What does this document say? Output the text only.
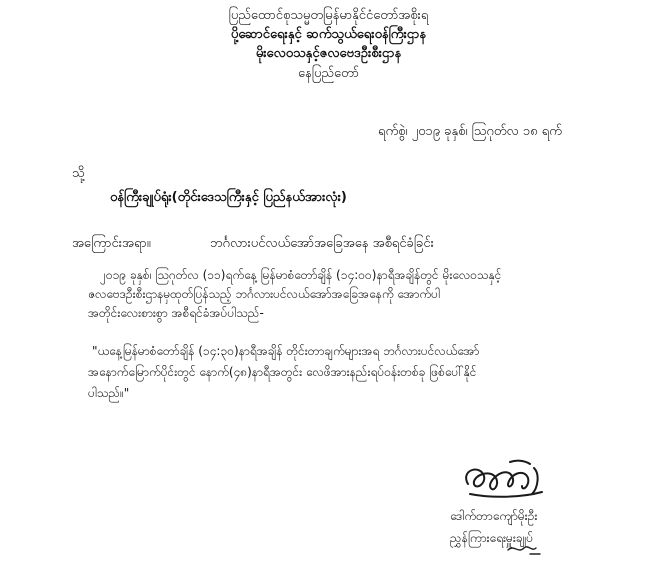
ပြည်ထောင်စုသမ္မတမြန်မာနိုင်ငံတော်အစိုးရ
ပို့ဆောင်ရေးနှင့် ဆက်သွယ်ရေးဝန်ကြီးဌာန
မိုးလေဝသနှင့်ဇလဗေဒဦးစီးဌာန
နေပြည်တော်
ရက်စွဲ၊ ၂၀၁၉ ခုနှစ်၊ ဩဂုတ်လ ၁၈ ရက်
သို့
ဝန်ကြီးချုပ်ရုံး(တိုင်းဒေသကြီးနှင့် ပြည်နယ်အားလုံး)
အကြောင်းအရာ။	ဘင်္ဂလားပင်လယ်အော်အခြေအနေ အစီရင်ခံခြင်း
၂၀၁၉ ခုနှစ်၊ ဩဂုတ်လ (၁၁)ရက်နေ့ မြန်မာစံတော်ချိန် (၁၄:၀၀)နာရီအချိန်တွင် မိုးလေဝသနှင့်
ဇလဗေဒဦးစီးဌာနမှထုတ်ပြန်သည့် ဘင်္ဂလားပင်လယ်အော်အခြေအနေကို အောက်ပါ
အတိုင်းလေးစားစွာ အစီရင်ခံအပ်ပါသည်-
"ယနေ့မြန်မာစံတော်ချိန် (၁၄:၃၀)နာရီအချိန် တိုင်းတာချက်များအရ ဘင်္ဂလားပင်လယ်အော်
အနောက်မြောက်ပိုင်းတွင် နောက်(၄၈)နာရီအတွင်း လေဖိအားနည်းရပ်ဝန်းတစ်ခု ဖြစ်ပေါ်နိုင်
ပါသည်။"
ဒေါက်တာကျော်မိုးဦး
ညွှန်ကြားရေးမှူးချုပ်
